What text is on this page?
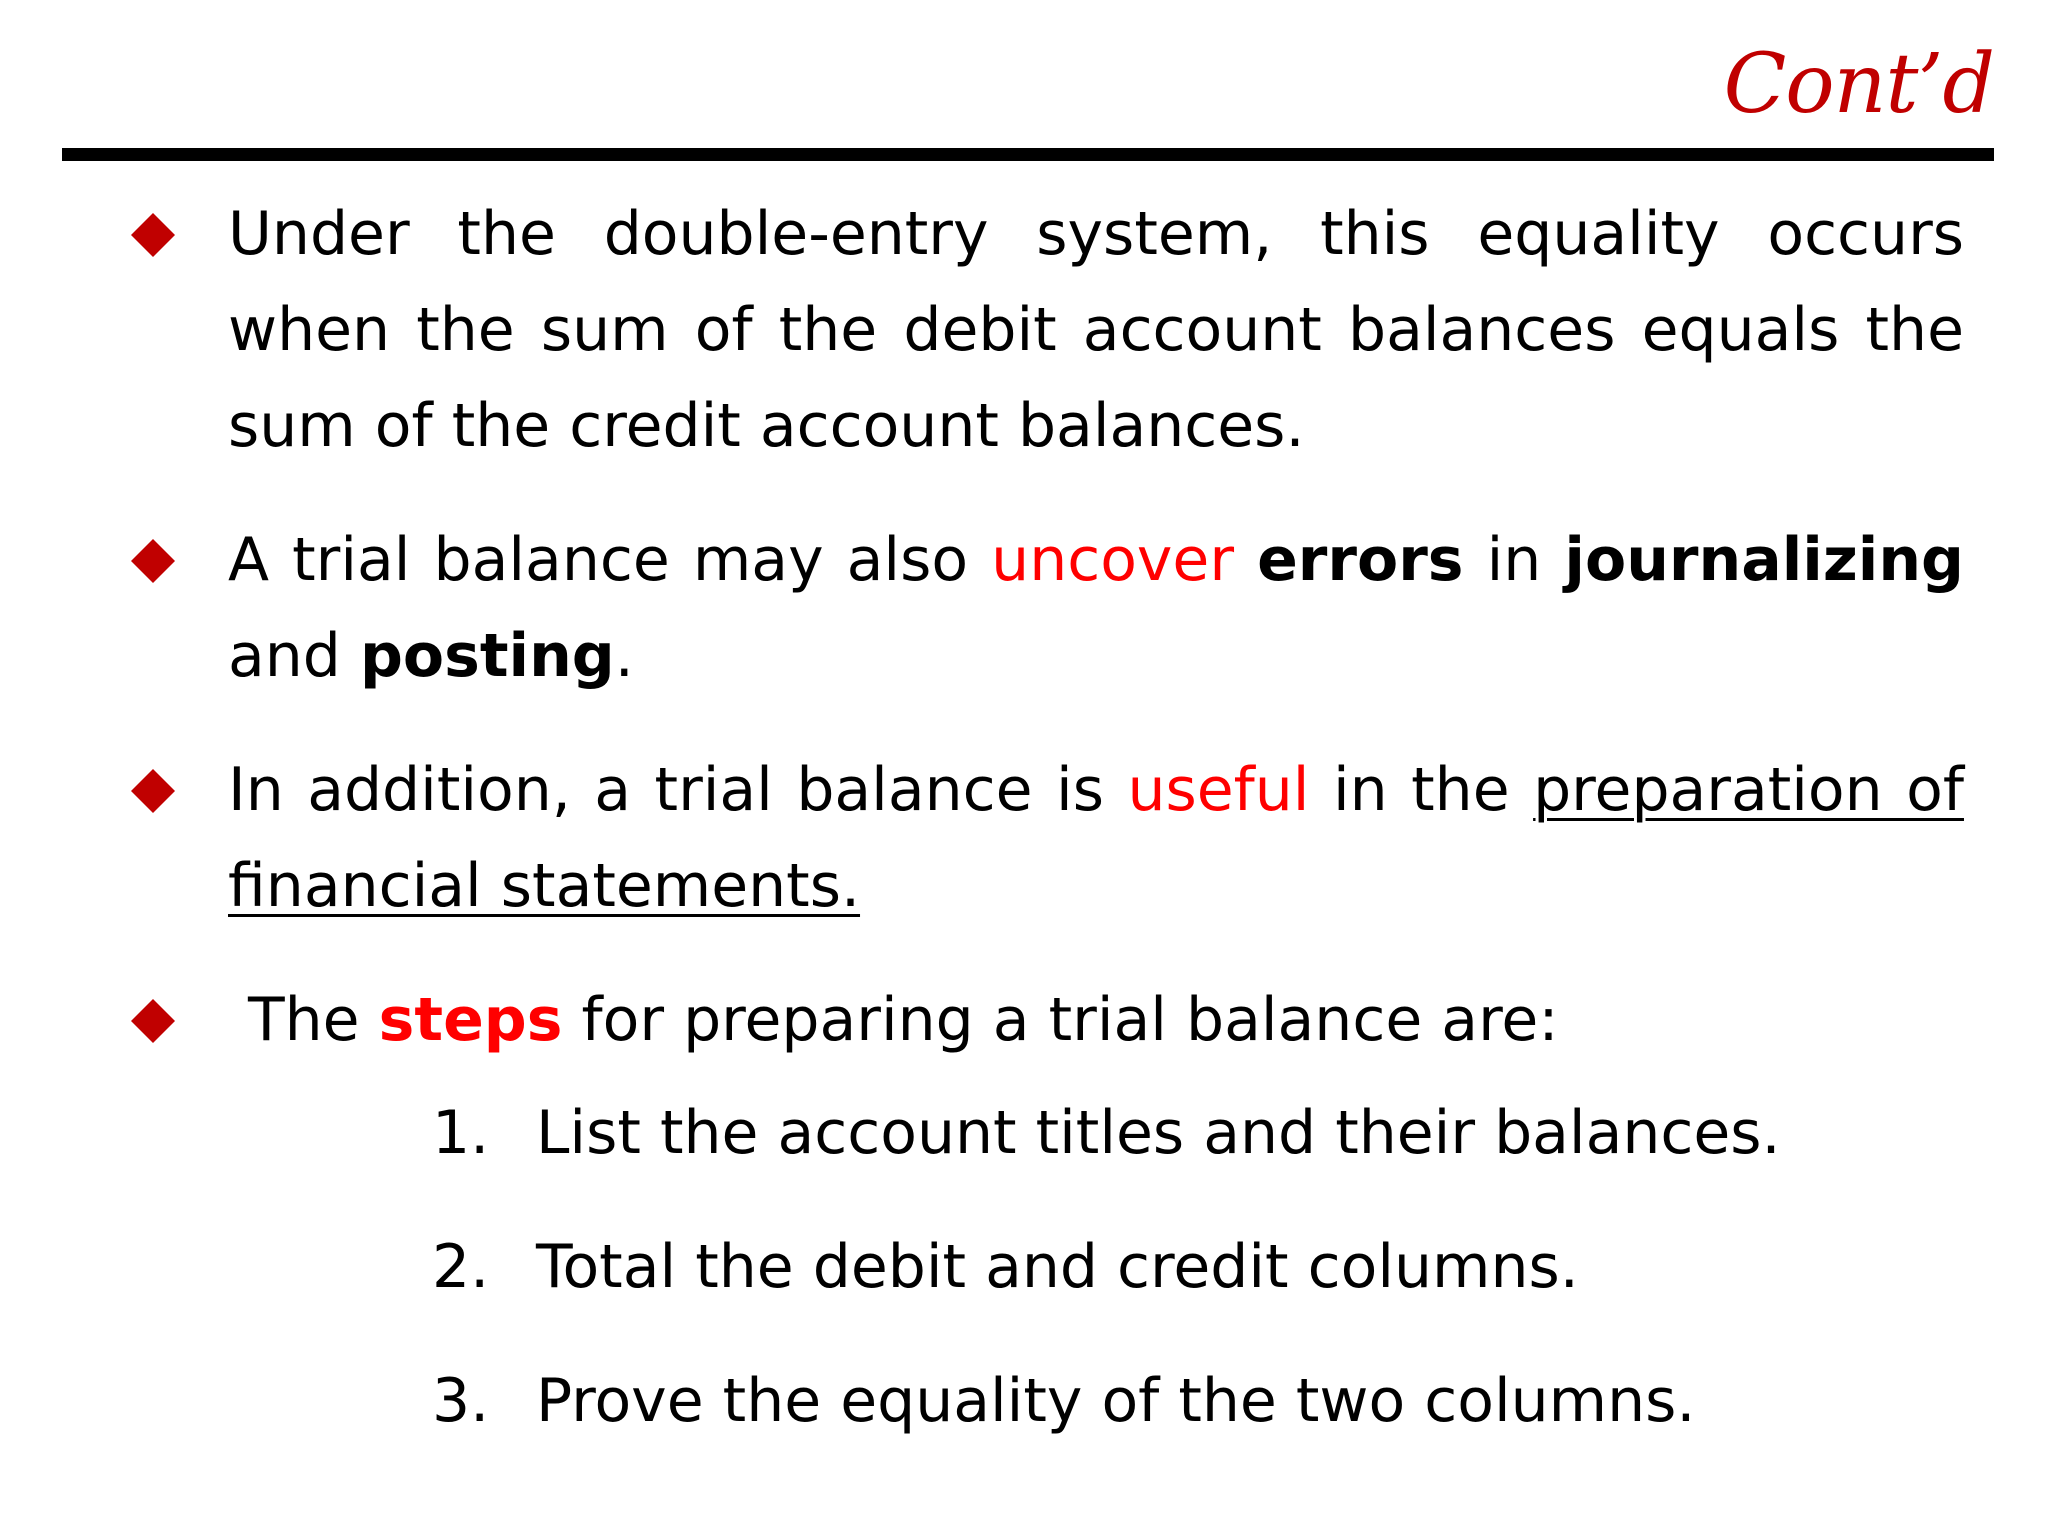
Cont’d
Under the double-entry system, this equality occurs when the sum of the debit account balances equals the sum of the credit account balances.
A trial balance may also uncover errors in journalizing and posting.
In addition, a trial balance is useful in the preparation of financial statements.
The steps for preparing a trial balance are:
1. List the account titles and their balances.
2. Total the debit and credit columns.
3. Prove the equality of the two columns.
